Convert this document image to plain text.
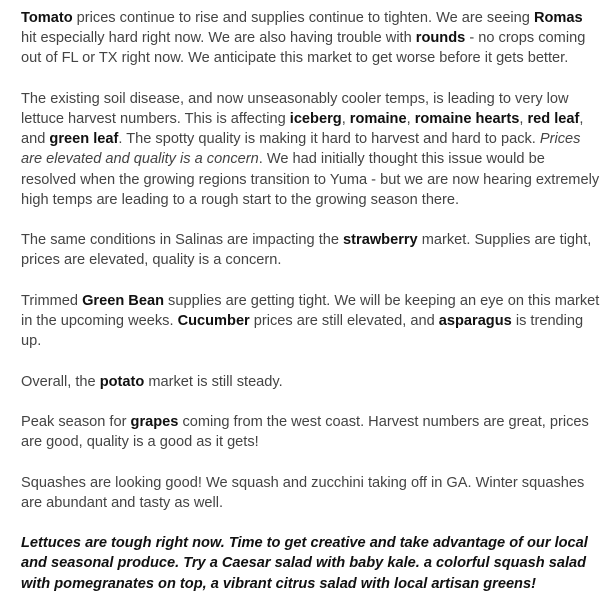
Tomato prices continue to rise and supplies continue to tighten. We are seeing Romas hit especially hard right now. We are also having trouble with rounds - no crops coming out of FL or TX right now. We anticipate this market to get worse before it gets better.

The existing soil disease, and now unseasonably cooler temps, is leading to very low lettuce harvest numbers. This is affecting iceberg, romaine, romaine hearts, red leaf, and green leaf. The spotty quality is making it hard to harvest and hard to pack. Prices are elevated and quality is a concern. We had initially thought this issue would be resolved when the growing regions transition to Yuma - but we are now hearing extremely high temps are leading to a rough start to the growing season there.

The same conditions in Salinas are impacting the strawberry market. Supplies are tight, prices are elevated, quality is a concern.

Trimmed Green Bean supplies are getting tight. We will be keeping an eye on this market in the upcoming weeks. Cucumber prices are still elevated, and asparagus is trending up.

Overall, the potato market is still steady.

Peak season for grapes coming from the west coast. Harvest numbers are great, prices are good, quality is a good as it gets!

Squashes are looking good! We squash and zucchini taking off in GA. Winter squashes are abundant and tasty as well.

Lettuces are tough right now. Time to get creative and take advantage of our local and seasonal produce. Try a Caesar salad with baby kale. a colorful squash salad with pomegranates on top, a vibrant citrus salad with local artisan greens!
